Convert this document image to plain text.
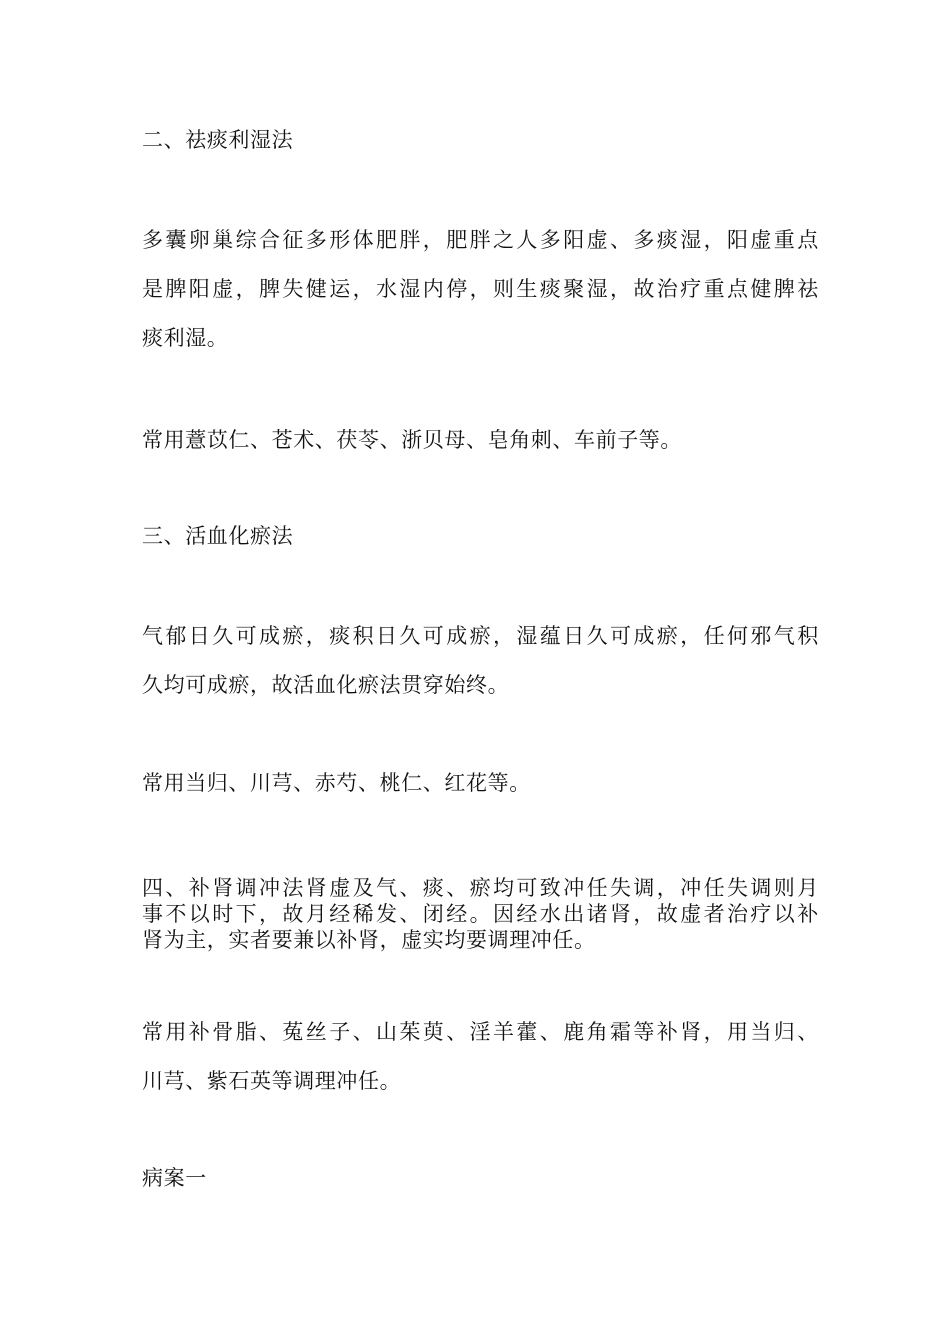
二、祛痰利湿法
多囊卵巢综合征多形体肥胖，肥胖之人多阳虚、多痰湿，阳虚重点
是脾阳虚，脾失健运，水湿内停，则生痰聚湿，故治疗重点健脾祛
痰利湿。
常用薏苡仁、苍术、茯苓、浙贝母、皂角刺、车前子等。
三、活血化瘀法
气郁日久可成瘀，痰积日久可成瘀，湿蕴日久可成瘀，任何邪气积
久均可成瘀，故活血化瘀法贯穿始终。
常用当归、川芎、赤芍、桃仁、红花等。
四、补肾调冲法肾虚及气、痰、瘀均可致冲任失调，冲任失调则月
事不以时下，故月经稀发、闭经。因经水出诸肾，故虚者治疗以补
肾为主，实者要兼以补肾，虚实均要调理冲任。
常用补骨脂、菟丝子、山茱萸、淫羊藿、鹿角霜等补肾，用当归、
川芎、紫石英等调理冲任。
病案一
